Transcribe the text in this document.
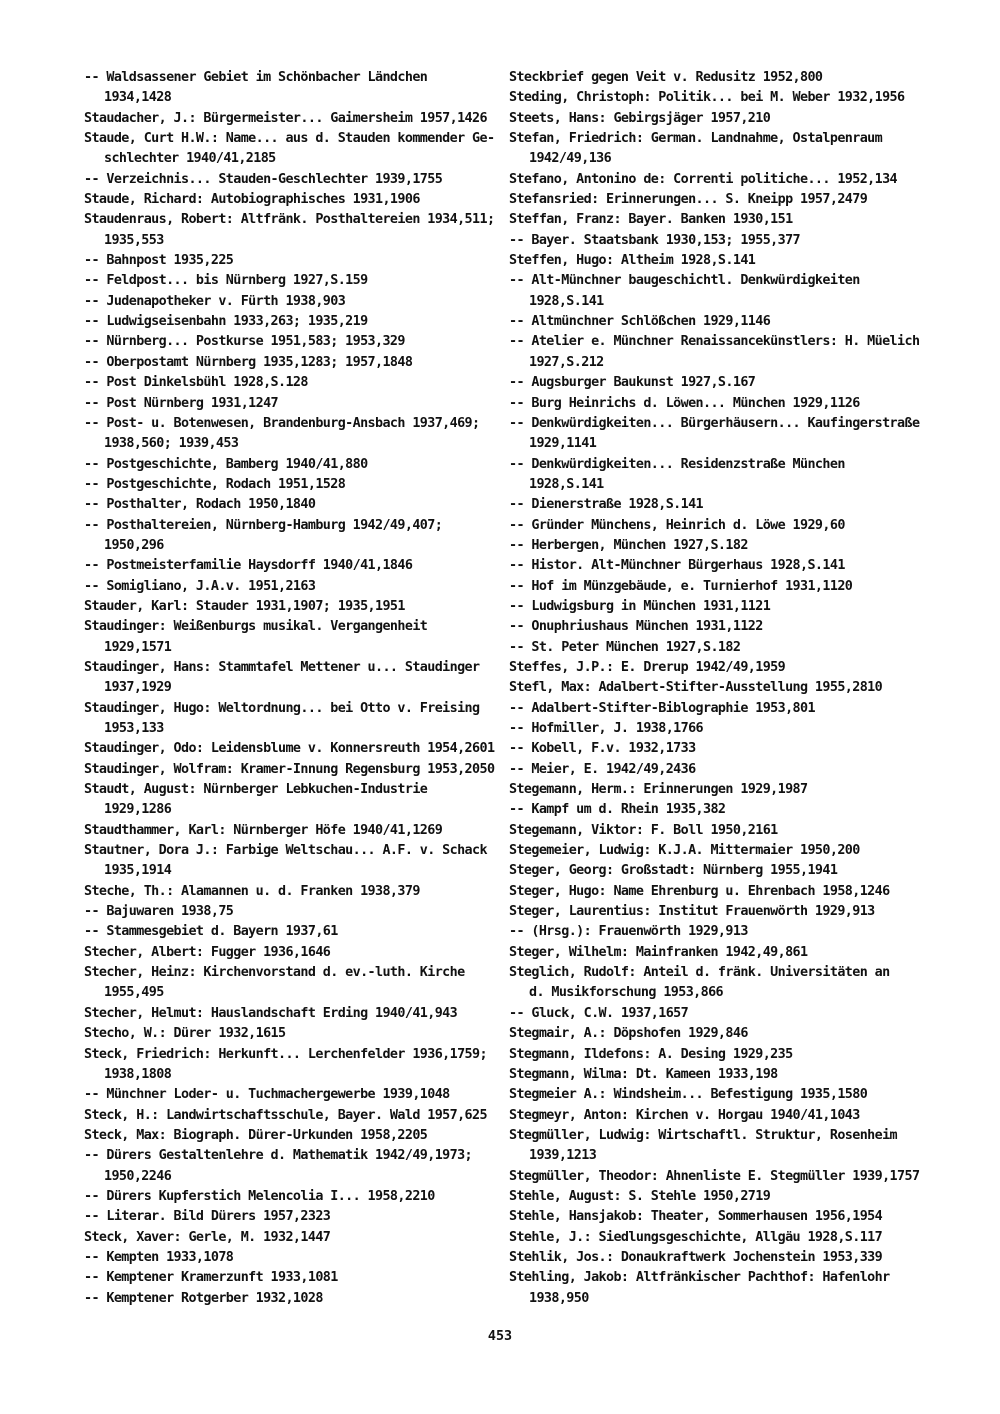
-- Waldsassener Gebiet im Schönbacher Ländchen
1934,1428
Staudacher, J.: Bürgermeister... Gaimersheim 1957,1426
Staude, Curt H.W.: Name... aus d. Stauden kommender Ge-
schlechter 1940/41,2185
-- Verzeichnis... Stauden-Geschlechter 1939,1755
Staude, Richard: Autobiographisches 1931,1906
Staudenraus, Robert: Altfränk. Posthaltereien 1934,511;
1935,553
-- Bahnpost 1935,225
-- Feldpost... bis Nürnberg 1927,S.159
-- Judenapotheker v. Fürth 1938,903
-- Ludwigseisenbahn 1933,263; 1935,219
-- Nürnberg... Postkurse 1951,583; 1953,329
-- Oberpostamt Nürnberg 1935,1283; 1957,1848
-- Post Dinkelsbühl 1928,S.128
-- Post Nürnberg 1931,1247
-- Post- u. Botenwesen, Brandenburg-Ansbach 1937,469;
1938,560; 1939,453
-- Postgeschichte, Bamberg 1940/41,880
-- Postgeschichte, Rodach 1951,1528
-- Posthalter, Rodach 1950,1840
-- Posthaltereien, Nürnberg-Hamburg 1942/49,407;
1950,296
-- Postmeisterfamilie Haysdorff 1940/41,1846
-- Somigliano, J.A.v. 1951,2163
Stauder, Karl: Stauder 1931,1907; 1935,1951
Staudinger: Weißenburgs musikal. Vergangenheit
1929,1571
Staudinger, Hans: Stammtafel Mettener u... Staudinger
1937,1929
Staudinger, Hugo: Weltordnung... bei Otto v. Freising
1953,133
Staudinger, Odo: Leidensblume v. Konnersreuth 1954,2601
Staudinger, Wolfram: Kramer-Innung Regensburg 1953,2050
Staudt, August: Nürnberger Lebkuchen-Industrie
1929,1286
Staudthammer, Karl: Nürnberger Höfe 1940/41,1269
Stautner, Dora J.: Farbige Weltschau... A.F. v. Schack
1935,1914
Steche, Th.: Alamannen u. d. Franken 1938,379
-- Bajuwaren 1938,75
-- Stammesgebiet d. Bayern 1937,61
Stecher, Albert: Fugger 1936,1646
Stecher, Heinz: Kirchenvorstand d. ev.-luth. Kirche
1955,495
Stecher, Helmut: Hauslandschaft Erding 1940/41,943
Stecho, W.: Dürer 1932,1615
Steck, Friedrich: Herkunft... Lerchenfelder 1936,1759;
1938,1808
-- Münchner Loder- u. Tuchmachergewerbe 1939,1048
Steck, H.: Landwirtschaftsschule, Bayer. Wald 1957,625
Steck, Max: Biograph. Dürer-Urkunden 1958,2205
-- Dürers Gestaltenlehre d. Mathematik 1942/49,1973;
1950,2246
-- Dürers Kupferstich Melencolia I... 1958,2210
-- Literar. Bild Dürers 1957,2323
Steck, Xaver: Gerle, M. 1932,1447
-- Kempten 1933,1078
-- Kemptener Kramerzunft 1933,1081
-- Kemptener Rotgerber 1932,1028
Steckbrief gegen Veit v. Redusitz 1952,800
Steding, Christoph: Politik... bei M. Weber 1932,1956
Steets, Hans: Gebirgsjäger 1957,210
Stefan, Friedrich: German. Landnahme, Ostalpenraum
1942/49,136
Stefano, Antonino de: Correnti politiche... 1952,134
Stefansried: Erinnerungen... S. Kneipp 1957,2479
Steffan, Franz: Bayer. Banken 1930,151
-- Bayer. Staatsbank 1930,153; 1955,377
Steffen, Hugo: Altheim 1928,S.141
-- Alt-Münchner baugeschichtl. Denkwürdigkeiten
1928,S.141
-- Altmünchner Schlößchen 1929,1146
-- Atelier e. Münchner Renaissancekünstlers: H. Müelich
1927,S.212
-- Augsburger Baukunst 1927,S.167
-- Burg Heinrichs d. Löwen... München 1929,1126
-- Denkwürdigkeiten... Bürgerhäusern... Kaufingerstraße
1929,1141
-- Denkwürdigkeiten... Residenzstraße München
1928,S.141
-- Dienerstraße 1928,S.141
-- Gründer Münchens, Heinrich d. Löwe 1929,60
-- Herbergen, München 1927,S.182
-- Histor. Alt-Münchner Bürgerhaus 1928,S.141
-- Hof im Münzgebäude, e. Turnierhof 1931,1120
-- Ludwigsburg in München 1931,1121
-- Onuphriushaus München 1931,1122
-- St. Peter München 1927,S.182
Steffes, J.P.: E. Drerup 1942/49,1959
Stefl, Max: Adalbert-Stifter-Ausstellung 1955,2810
-- Adalbert-Stifter-Biblographie 1953,801
-- Hofmiller, J. 1938,1766
-- Kobell, F.v. 1932,1733
-- Meier, E. 1942/49,2436
Stegemann, Herm.: Erinnerungen 1929,1987
-- Kampf um d. Rhein 1935,382
Stegemann, Viktor: F. Boll 1950,2161
Stegemeier, Ludwig: K.J.A. Mittermaier 1950,200
Steger, Georg: Großstadt: Nürnberg 1955,1941
Steger, Hugo: Name Ehrenburg u. Ehrenbach 1958,1246
Steger, Laurentius: Institut Frauenwörth 1929,913
-- (Hrsg.): Frauenwörth 1929,913
Steger, Wilhelm: Mainfranken 1942,49,861
Steglich, Rudolf: Anteil d. fränk. Universitäten an
d. Musikforschung 1953,866
-- Gluck, C.W. 1937,1657
Stegmair, A.: Döpshofen 1929,846
Stegmann, Ildefons: A. Desing 1929,235
Stegmann, Wilma: Dt. Kameen 1933,198
Stegmeier A.: Windsheim... Befestigung 1935,1580
Stegmeyr, Anton: Kirchen v. Horgau 1940/41,1043
Stegmüller, Ludwig: Wirtschaftl. Struktur, Rosenheim
1939,1213
Stegmüller, Theodor: Ahnenliste E. Stegmüller 1939,1757
Stehle, August: S. Stehle 1950,2719
Stehle, Hansjakob: Theater, Sommerhausen 1956,1954
Stehle, J.: Siedlungsgeschichte, Allgäu 1928,S.117
Stehlik, Jos.: Donaukraftwerk Jochenstein 1953,339
Stehling, Jakob: Altfränkischer Pachthof: Hafenlohr
1938,950
453
